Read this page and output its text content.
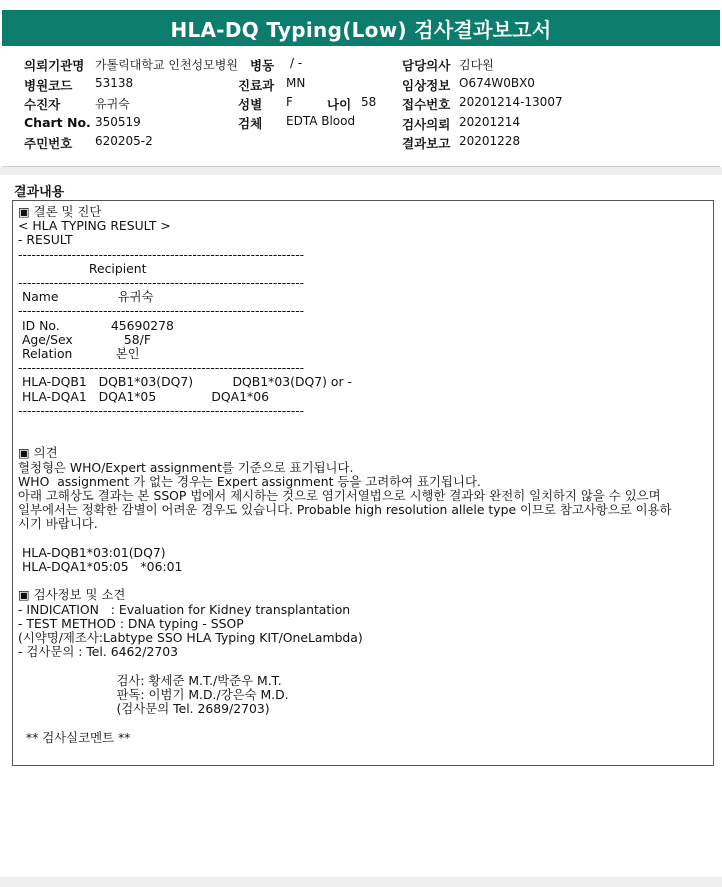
HLA-DQ Typing(Low) 검사결과보고서
의뢰기관명 가톨릭대학교 인천성모병원 병동 / -	담당의사 김다원
병원코드 53138	진료과 MN	임상정보 O674W0BX0
수진자	유귀숙	성별 F	나이 58 접수번호 20201214-13007
Chart No. 350519	검체 EDTA Blood	검사의뢰 20201214
주민번호 620205-2	결과보고 20201228
결과내용
▣ 결론 및 진단
< HLA TYPING RESULT >
- RESULT
----------------------------------------------------------------
Recipient
----------------------------------------------------------------
Name               유귀숙
----------------------------------------------------------------
ID No.             45690278
Age/Sex             58/F
Relation           본인
----------------------------------------------------------------
HLA-DQB1   DQB1*03(DQ7)          DQB1*03(DQ7) or -
HLA-DQA1   DQA1*05              DQA1*06
----------------------------------------------------------------

▣ 의견
혈청형은 WHO/Expert assignment를 기준으로 표기됩니다.
WHO  assignment 가 없는 경우는 Expert assignment 등을 고려하여 표기됩니다.
아래 고해상도 결과는 본 SSOP 법에서 제시하는 것으로 염기서열법으로 시행한 결과와 완전히 일치하지 않을 수 있으며
일부에서는 정확한 감별이 어려운 경우도 있습니다. Probable high resolution allele type 이므로 참고사항으로 이용하
시기 바랍니다.

HLA-DQB1*03:01(DQ7)
HLA-DQA1*05:05   *06:01

▣ 검사정보 및 소견
- INDICATION   : Evaluation for Kidney transplantation
- TEST METHOD : DNA typing - SSOP
(시약명/제조사:Labtype SSO HLA Typing KIT/OneLambda)
- 검사문의 : Tel. 6462/2703

검사: 황세준 M.T./박준우 M.T.
판독: 이범기 M.D./강은숙 M.D.
(검사문의 Tel. 2689/2703)

** 검사실코멘트 **
